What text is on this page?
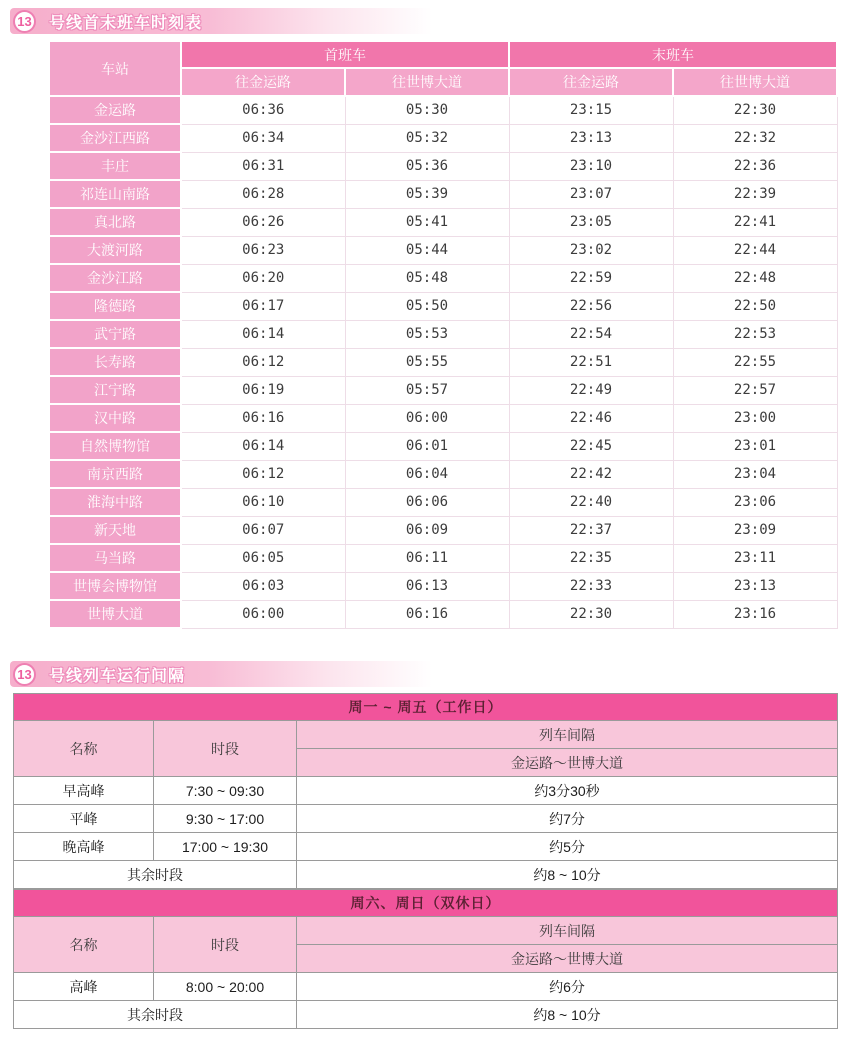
13 号线首末班车时刻表
车站	首班车		末班车	
	往金运路	往世博大道	往金运路	往世博大道
金运路	06:36	05:30	23:15	22:30
金沙江西路	06:34	05:32	23:13	22:32
丰庄	06:31	05:36	23:10	22:36
祁连山南路	06:28	05:39	23:07	22:39
真北路	06:26	05:41	23:05	22:41
大渡河路	06:23	05:44	23:02	22:44
金沙江路	06:20	05:48	22:59	22:48
隆德路	06:17	05:50	22:56	22:50
武宁路	06:14	05:53	22:54	22:53
长寿路	06:12	05:55	22:51	22:55
江宁路	06:19	05:57	22:49	22:57
汉中路	06:16	06:00	22:46	23:00
自然博物馆	06:14	06:01	22:45	23:01
南京西路	06:12	06:04	22:42	23:04
淮海中路	06:10	06:06	22:40	23:06
新天地	06:07	06:09	22:37	23:09
马当路	06:05	06:11	22:35	23:11
世博会博物馆	06:03	06:13	22:33	23:13
世博大道	06:00	06:16	22:30	23:16
13 号线列车运行间隔
周一 ~ 周五（工作日）		
名称	时段	列车间隔
		金运路～世博大道
早高峰	7:30 ~ 09:30	约3分30秒
平峰	9:30 ~ 17:00	约7分
晚高峰	17:00 ~ 19:30	约5分
其余时段		约8 ~ 10分
周六、周日（双休日）		
名称	时段	列车间隔
		金运路～世博大道
高峰	8:00 ~ 20:00	约6分
其余时段		约8 ~ 10分
